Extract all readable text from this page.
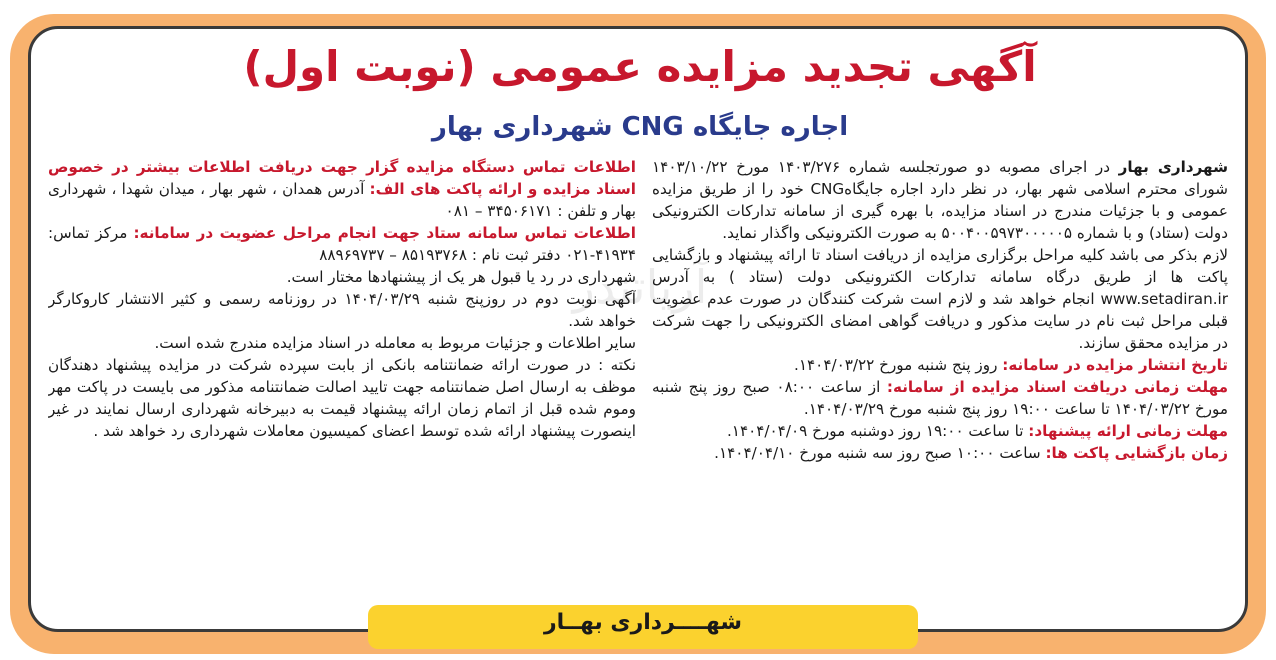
آریاتندر
آگهی تجدید مزایده عمومی (نوبت اول)
اجاره جایگاه CNG شهرداری بهار

شهرداری بهار در اجرای مصوبه دو صورتجلسه شماره ۱۴۰۳/۲۷۶ مورخ ۱۴۰۳/۱۰/۲۲ شورای محترم اسلامی شهر بهار، در نظر دارد اجاره جایگاهCNG خود را از طریق مزایده عمومی و با جزئیات مندرج در اسناد مزایده، با بهره گیری از سامانه تدارکات الکترونیکی دولت (ستاد) و با شماره ۵۰۰۴۰۰۵۹۷۳۰۰۰۰۰۵ به صورت الکترونیکی واگذار نماید.

لازم بذکر می باشد کلیه مراحل برگزاری مزایده از دریافت اسناد تا ارائه پیشنهاد و بازگشایی پاکت ها از طریق درگاه سامانه تدارکات الکترونیکی دولت (ستاد ) به آدرس www.setadiran.ir انجام خواهد شد و لازم است شرکت کنندگان در صورت عدم عضویت قبلی مراحل ثبت نام در سایت مذکور و دریافت گواهی امضای الکترونیکی را جهت شرکت در مزایده محقق سازند.

تاریخ انتشار مزایده در سامانه: روز پنج شنبه مورخ ۱۴۰۴/۰۳/۲۲.

مهلت زمانی دریافت اسناد مزایده از سامانه: از ساعت ۰۸:۰۰ صبح روز پنج شنبه مورخ ۱۴۰۴/۰۳/۲۲ تا ساعت ۱۹:۰۰ روز پنج شنبه مورخ ۱۴۰۴/۰۳/۲۹.

مهلت زمانی ارائه پیشنهاد: تا ساعت ۱۹:۰۰ روز دوشنبه مورخ ۱۴۰۴/۰۴/۰۹.

زمان بازگشایی پاکت ها: ساعت ۱۰:۰۰ صبح روز سه شنبه مورخ ۱۴۰۴/۰۴/۱۰.

اطلاعات تماس دستگاه مزایده گزار جهت دریافت اطلاعات بیشتر در خصوص اسناد مزایده و ارائه پاکت های الف: آدرس همدان ، شهر بهار ، میدان شهدا ، شهرداری بهار و تلفن : ۳۴۵۰۶۱۷۱ – ۰۸۱

اطلاعات تماس سامانه ستاد جهت انجام مراحل عضویت در سامانه: مرکز تماس: ۴۱۹۳۴-۰۲۱ دفتر ثبت نام : ۸۵۱۹۳۷۶۸ – ۸۸۹۶۹۷۳۷

شهرداری در رد یا قبول هر یک از پیشنهادها مختار است.

آگهی نوبت دوم در روزپنج شنبه ۱۴۰۴/۰۳/۲۹ در روزنامه رسمی و کثیر الانتشار کاروکارگر خواهد شد.

سایر اطلاعات و جزئیات مربوط به معامله در اسناد مزایده مندرج شده است.

نکته : در صورت ارائه ضمانتنامه بانکی از بابت سپرده شرکت در مزایده پیشنهاد دهندگان موظف به ارسال اصل ضمانتنامه جهت تایید اصالت ضمانتنامه مذکور می بایست در پاکت مهر وموم شده قبل از اتمام زمان ارائه پیشنهاد قیمت به دبیرخانه شهرداری ارسال نمایند در غیر اینصورت پیشنهاد ارائه شده توسط اعضای کمیسیون معاملات شهرداری رد خواهد شد .

شهــــرداری بهــار
